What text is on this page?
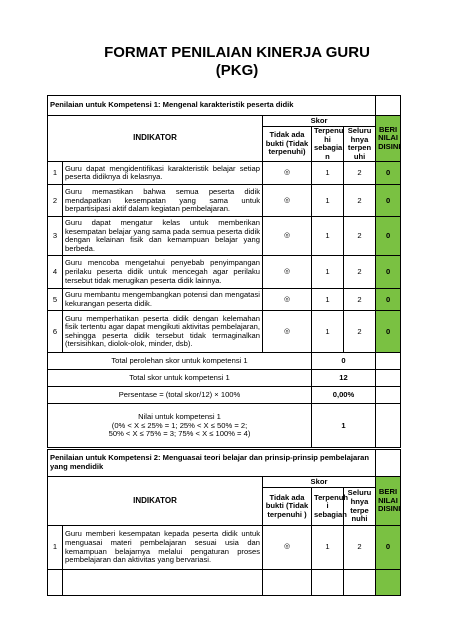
FORMAT PENILAIAN KINERJA GURU
(PKG)
Penilaian untuk Kompetensi 1: Mengenal karakteristik peserta didik					
INDIKATOR		Skor			BERI NILAI DISINI
		Tidak ada bukti (Tidak terpenuhi)	Terpenu hi sebagia n	Seluru hnya terpen uhi	
1	Guru dapat mengidentifikasi karakteristik belajar setiap peserta didiknya di kelasnya.	◎	1	2	0
2	Guru memastikan bahwa semua peserta didik mendapatkan kesempatan yang sama untuk berpartisipasi aktif dalam kegiatan pembelajaran.	◎	1	2	0
3	Guru dapat mengatur kelas untuk memberikan kesempatan belajar yang sama pada semua peserta didik dengan kelainan fisik dan kemampuan belajar yang berbeda.	◎	1	2	0
4	Guru mencoba mengetahui penyebab penyimpangan perilaku peserta didik untuk mencegah agar perilaku tersebut tidak merugikan peserta didik lainnya.	◎	1	2	0
5	Guru membantu mengembangkan potensi dan mengatasi kekurangan peserta didik.	◎	1	2	0
6	Guru memperhatikan peserta didik dengan kelemahan fisik tertentu agar dapat mengikuti aktivitas pembelajaran, sehingga peserta didik tersebut tidak termaginalkan (tersisihkan, diolok-olok, minder, dsb).	◎	1	2	0
Total perolehan skor untuk kompetensi 1			0		
Total skor untuk kompetensi 1			12		
Persentase = (total skor/12) × 100%			0,00%		

Nilai untuk kompetensi 1
(0% < X ≤ 25% = 1; 25% < X ≤ 50% = 2;
50% < X ≤ 75% = 3; 75% < X ≤ 100% = 4)			1		
Penilaian untuk Kompetensi 2: Menguasai teori belajar dan prinsip-prinsip pembelajaran yang mendidik					
INDIKATOR		Skor			BERI NILAI DISINI
		Tidak ada bukti (Tidak terpenuhi )	Terpenuh i sebagian	Seluru hnya terpe nuhi	
1	Guru memberi kesempatan kepada peserta didik untuk menguasai materi pembelajaran sesuai usia dan kemampuan belajarnya melalui pengaturan proses pembelajaran dan aktivitas yang bervariasi.	◎	1	2	0
